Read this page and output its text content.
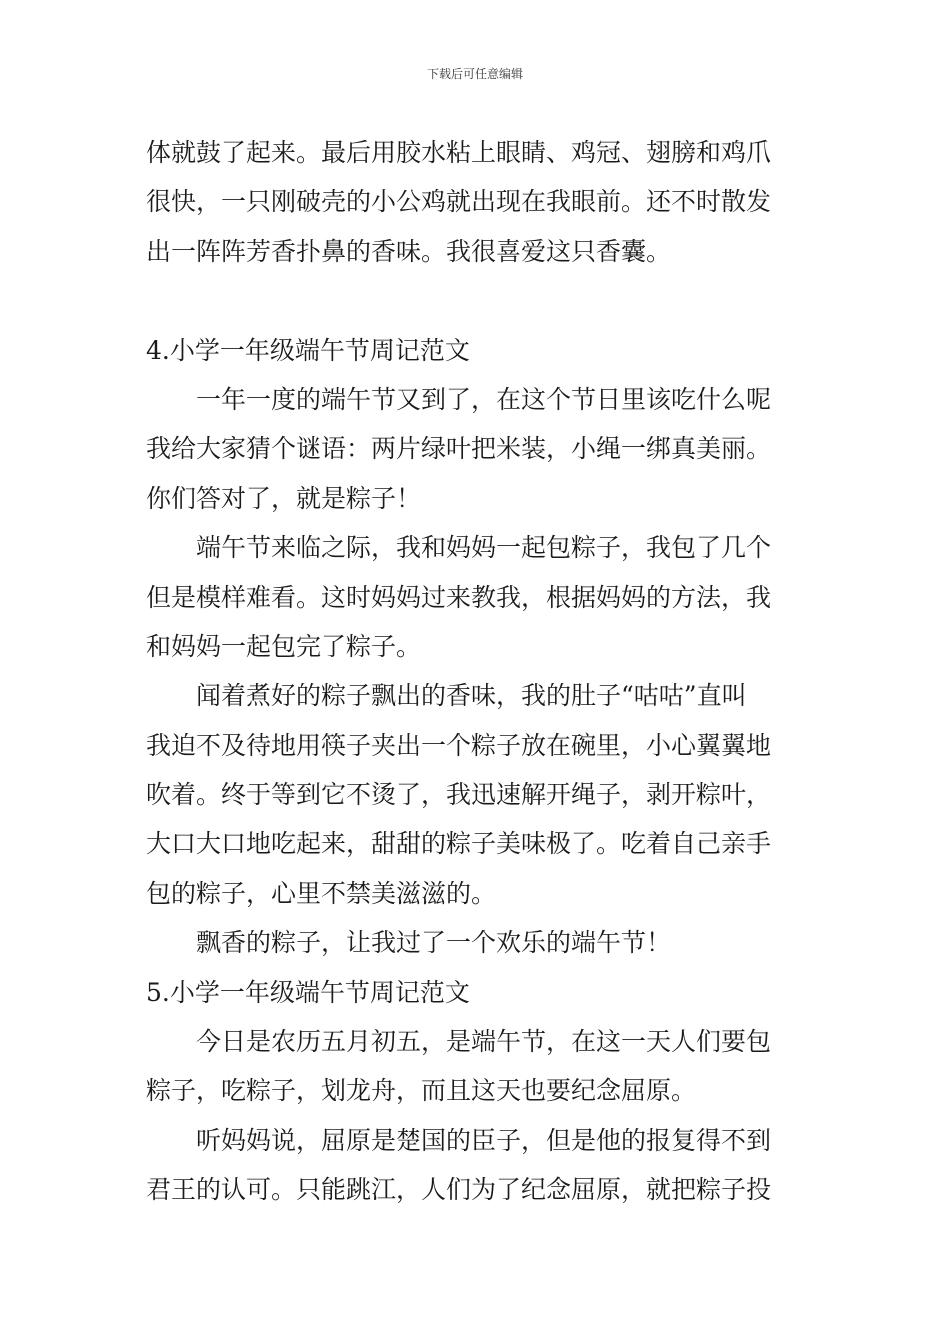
下载后可任意编辑
体就鼓了起来。最后用胶水粘上眼睛、鸡冠、翅膀和鸡爪
很快，一只刚破壳的小公鸡就出现在我眼前。还不时散发
出一阵阵芳香扑鼻的香味。我很喜爱这只香囊。
4.小学一年级端午节周记范文
一年一度的端午节又到了，在这个节日里该吃什么呢
我给大家猜个谜语：两片绿叶把米装，小绳一绑真美丽。
你们答对了，就是粽子！
端午节来临之际，我和妈妈一起包粽子，我包了几个
但是模样难看。这时妈妈过来教我，根据妈妈的方法，我
和妈妈一起包完了粽子。
闻着煮好的粽子飘出的香味，我的肚子“咕咕”直叫
我迫不及待地用筷子夹出一个粽子放在碗里，小心翼翼地
吹着。终于等到它不烫了，我迅速解开绳子，剥开粽叶，
大口大口地吃起来，甜甜的粽子美味极了。吃着自己亲手
包的粽子，心里不禁美滋滋的。
飘香的粽子，让我过了一个欢乐的端午节！
5.小学一年级端午节周记范文
今日是农历五月初五，是端午节，在这一天人们要包
粽子，吃粽子，划龙舟，而且这天也要纪念屈原。
听妈妈说，屈原是楚国的臣子，但是他的报复得不到
君王的认可。只能跳江，人们为了纪念屈原，就把粽子投
